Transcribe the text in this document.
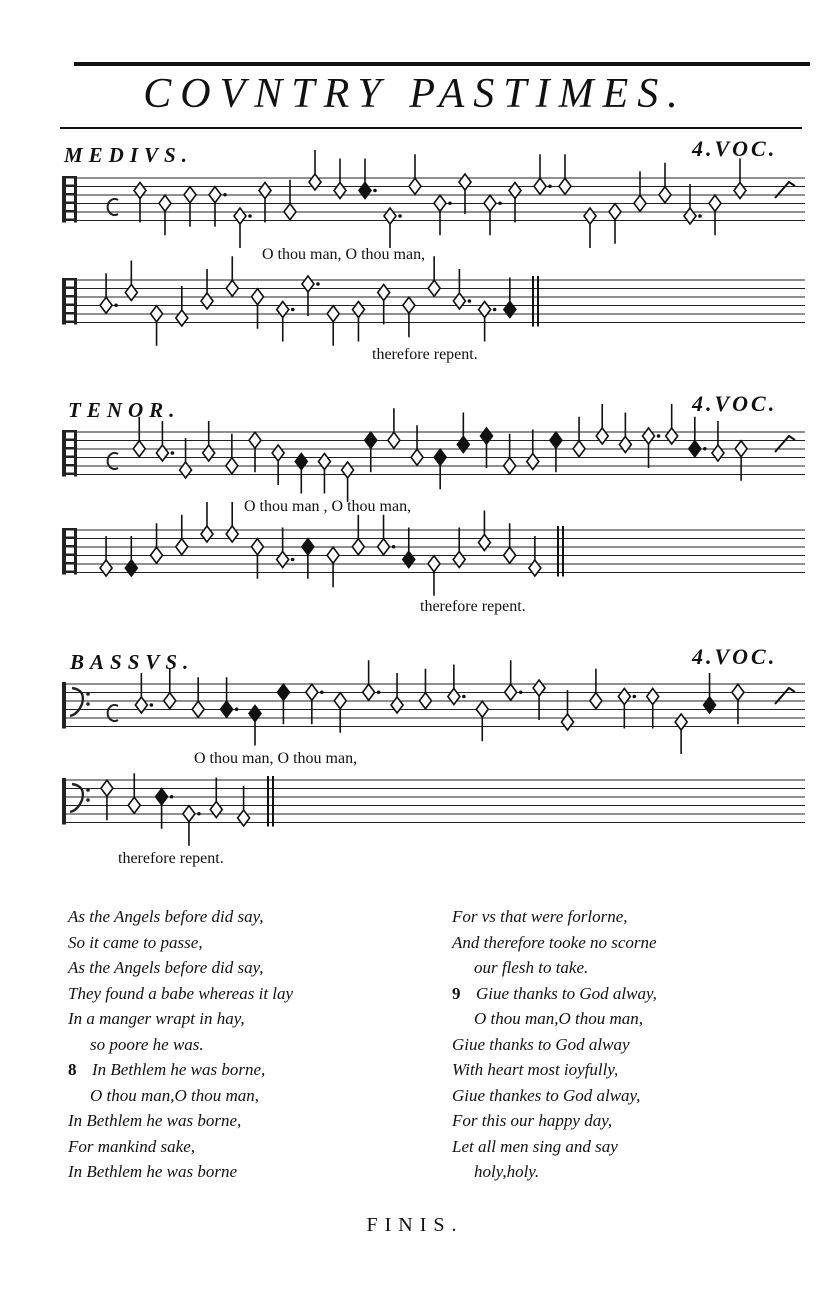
COVNTRY PASTIMES.
MEDIVS.	4.VOC.
O thou man, O thou man,
therefore repent.
TENOR.	4.VOC.
O thou man , O thou man,
therefore repent.
BASSVS.	4.VOC.
O thou man, O thou man,
therefore repent.
As the Angels before did say,
So it came to passe,
As the Angels before did say,
They found a babe whereas it lay
In a manger wrapt in hay,
so poore he was.
8 In Bethlem he was borne,
O thou man,O thou man,
In Bethlem he was borne,
For mankind sake,
In Bethlem he was borne
For vs that were forlorne,
And therefore tooke no scorne
our flesh to take.
9 Giue thanks to God alway,
O thou man,O thou man,
Giue thanks to God alway
With heart most ioyfully,
Giue thankes to God alway,
For this our happy day,
Let all men sing and say
holy,holy.
FINIS.
